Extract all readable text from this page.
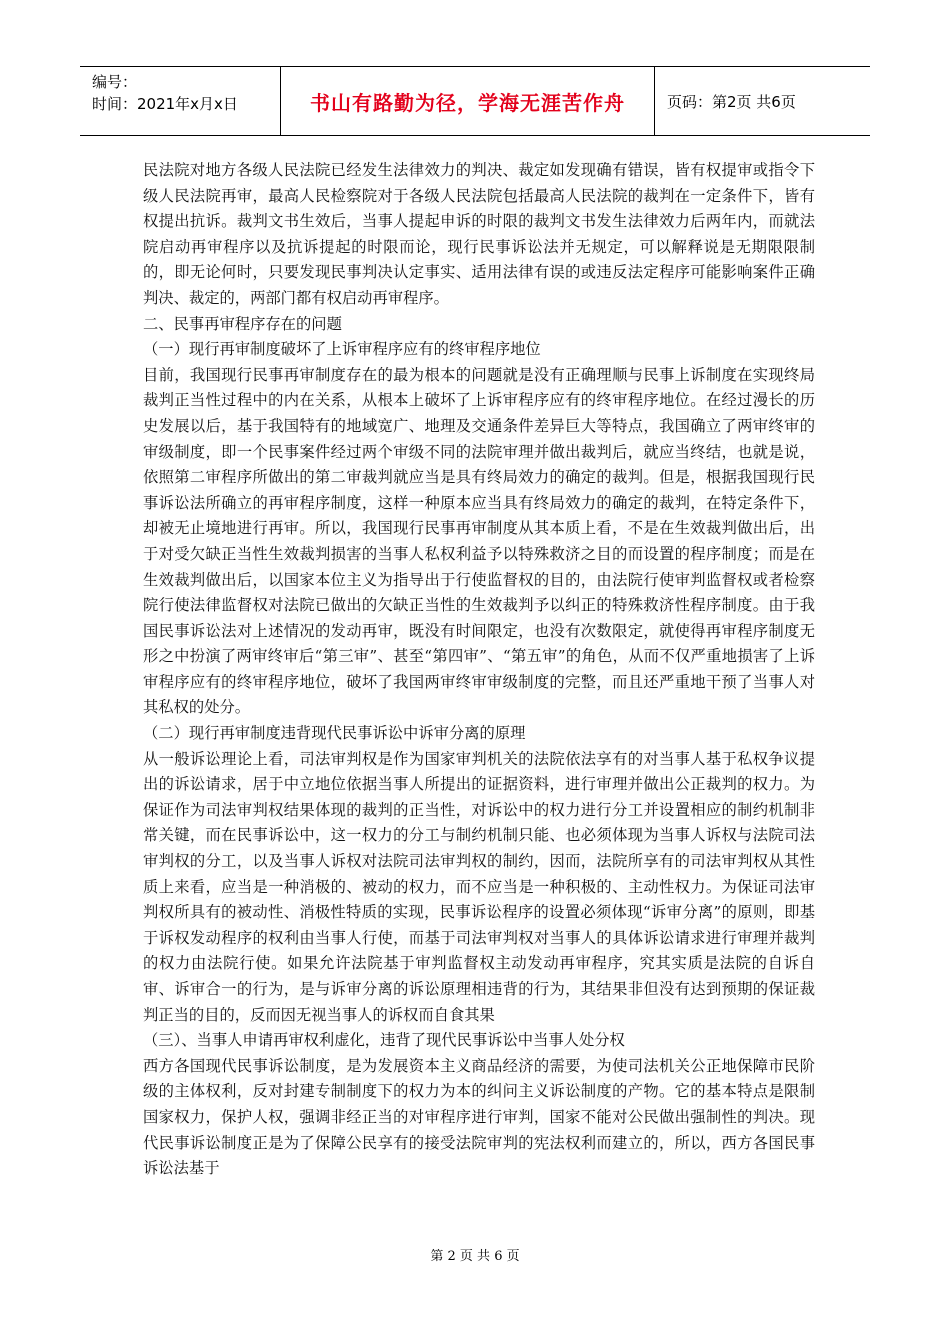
编号：
时间：2021年x月x日	书山有路勤为径，学海无涯苦作舟	页码：第2页 共6页

民法院对地方各级人民法院已经发生法律效力的判决、裁定如发现确有错误，皆有权提审或指令下级人民法院再审，最高人民检察院对于各级人民法院包括最高人民法院的裁判在一定条件下，皆有权提出抗诉。裁判文书生效后，当事人提起申诉的时限的裁判文书发生法律效力后两年内，而就法院启动再审程序以及抗诉提起的时限而论，现行民事诉讼法并无规定，可以解释说是无期限限制的，即无论何时，只要发现民事判决认定事实、适用法律有误的或违反法定程序可能影响案件正确判决、裁定的，两部门都有权启动再审程序。

二、民事再审程序存在的问题

（一）现行再审制度破坏了上诉审程序应有的终审程序地位

目前，我国现行民事再审制度存在的最为根本的问题就是没有正确理顺与民事上诉制度在实现终局裁判正当性过程中的内在关系，从根本上破坏了上诉审程序应有的终审程序地位。在经过漫长的历史发展以后，基于我国特有的地域宽广、地理及交通条件差异巨大等特点，我国确立了两审终审的审级制度，即一个民事案件经过两个审级不同的法院审理并做出裁判后，就应当终结，也就是说，依照第二审程序所做出的第二审裁判就应当是具有终局效力的确定的裁判。但是，根据我国现行民事诉讼法所确立的再审程序制度，这样一种原本应当具有终局效力的确定的裁判，在特定条件下，却被无止境地进行再审。所以，我国现行民事再审制度从其本质上看，不是在生效裁判做出后，出于对受欠缺正当性生效裁判损害的当事人私权利益予以特殊救济之目的而设置的程序制度；而是在生效裁判做出后，以国家本位主义为指导出于行使监督权的目的，由法院行使审判监督权或者检察院行使法律监督权对法院已做出的欠缺正当性的生效裁判予以纠正的特殊救济性程序制度。由于我国民事诉讼法对上述情况的发动再审，既没有时间限定，也没有次数限定，就使得再审程序制度无形之中扮演了两审终审后“第三审”、甚至“第四审”、“第五审”的角色，从而不仅严重地损害了上诉审程序应有的终审程序地位，破坏了我国两审终审审级制度的完整，而且还严重地干预了当事人对其私权的处分。

（二）现行再审制度违背现代民事诉讼中诉审分离的原理

从一般诉讼理论上看，司法审判权是作为国家审判机关的法院依法享有的对当事人基于私权争议提出的诉讼请求，居于中立地位依据当事人所提出的证据资料，进行审理并做出公正裁判的权力。为保证作为司法审判权结果体现的裁判的正当性，对诉讼中的权力进行分工并设置相应的制约机制非常关键，而在民事诉讼中，这一权力的分工与制约机制只能、也必须体现为当事人诉权与法院司法审判权的分工，以及当事人诉权对法院司法审判权的制约，因而，法院所享有的司法审判权从其性质上来看，应当是一种消极的、被动的权力，而不应当是一种积极的、主动性权力。为保证司法审判权所具有的被动性、消极性特质的实现，民事诉讼程序的设置必须体现“诉审分离”的原则，即基于诉权发动程序的权利由当事人行使，而基于司法审判权对当事人的具体诉讼请求进行审理并裁判的权力由法院行使。如果允许法院基于审判监督权主动发动再审程序，究其实质是法院的自诉自审、诉审合一的行为，是与诉审分离的诉讼原理相违背的行为，其结果非但没有达到预期的保证裁判正当的目的，反而因无视当事人的诉权而自食其果

（三）、当事人申请再审权利虚化，违背了现代民事诉讼中当事人处分权

西方各国现代民事诉讼制度，是为发展资本主义商品经济的需要，为使司法机关公正地保障市民阶级的主体权利，反对封建专制制度下的权力为本的纠问主义诉讼制度的产物。它的基本特点是限制国家权力，保护人权，强调非经正当的对审程序进行审判，国家不能对公民做出强制性的判决。现代民事诉讼制度正是为了保障公民享有的接受法院审判的宪法权利而建立的，所以，西方各国民事诉讼法基于

第 2 页 共 6 页
